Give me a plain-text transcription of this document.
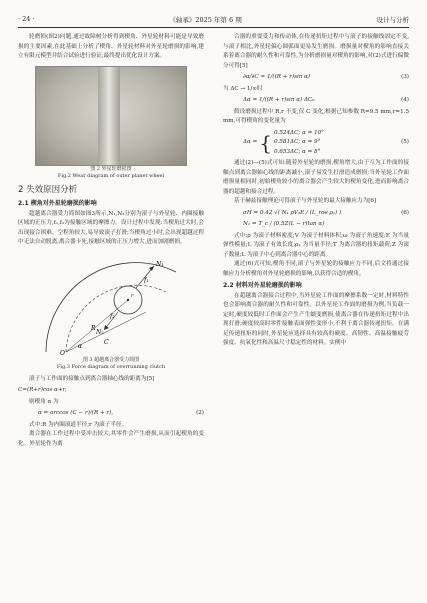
· 24 ·	《轴承》2025 年第 6 期	设计与分析

轮磨损(图2)问题,通过故障树分析得到楔角、外星轮材料可能是导致磨损的主要因素,在此基础上分析了楔角、外星轮材料对外星轮磨损的影响,建立有限元模型并结合试验进行验证,最终提出优化设计方案。

图 2 外星轮磨损图
Fig.2 Wear diagram of outer planet wheel
2 失效原因分析
2.1 楔角对外星轮磨损的影响

超越离合器受力简图如图3所示,N₁,N₂分别为滚子与外星轮、内圈接触区域的正压力,f₁,f₂为接触区域的摩擦力。设计过程中发现:当楔角过大时,会出现接合困难、空程角较大,易导致滚子打滑;当楔角过小时,会出现超越过程中无法自动脱离,离合器卡死,接触区域的正压力增大,进而加剧磨损。

N₁
N₂
f₁
f₂
R
r
C
α
O
图 3 超越离合器受力简图
Fig.3 Force diagram of overrunning clutch

滚子与工作面的接触点到离合器轴心线的距离为[5]

C=(R+r)cos α+r,

则楔角 α 为

α = arccos (C − r)/(R + r),	(2)

式中:R 为内圈滚道半径;r 为滚子半径。

离合器在工作过程中受冲击较大,其零件会产生磨损,从而引起楔角的变化。外星轮作为离

合器的重要受力和传动体,在传递扭矩过程中与滚子的接触线固定不变,与滚子相比,外星轮偏心圆弧面更易发生磨损。磨损量对楔角的影响直接关系着离合器的耐久性和可靠性,为分析磨损量对楔角的影响,对(2)式进行偏微分可得[5]

∂α/∂C = 1/((R + r)sin α)	(3)

当 ΔC → 1/∞时

Δα = 1/((R + r)sin α) ΔC₀	(4)

假设磨损过程中 R,r 不变,仅 C 变化,根据已知参数 R=9.5 mm,r=1.5 mm,可得楔角的变化量为

Δα = { 0.524ΔC; α = 10°
0.581ΔC; α = 9°
0.653ΔC; α = 8°
(5)

通过(2)—(5)式可知:随着外星轮的磨损,楔角增大,由于互为工作面的接触点到离合器轴心线的距离减小,滚子易发生打滑造成磨损;当外星轮工作面磨损量相同时,初始楔角较小的离合器会产生较大的楔角变化,进而影响离合器的超越和接合过程。

基于赫兹接触理论可得滚子与外星轮的最大接触应力为[6]

σH = 0.42 √( N₁ ρV₂E / (L_roe ρ₁) )	(6)
N₁ = T_c / (0.5Z(L − r)tan α)

式中:ρ 为滚子材料密度;V 为滚子材料体积;ω 为滚子角速度;E 为当量弹性模量;L 为滚子有效长度;ρ₁ 为当量半径;T 为离合器的扭矩载荷;Z 为滚子数量;L 为滚子中心到离合器中心的距离。

通过(6)式可知,楔角不同,滚子与外星轮的接触应力不同,后文将通过接触应力分析楔角对外星轮磨损的影响,以获得合适的楔角。

2.2 材料对外星轮磨损的影响

在超越离合器接合过程中,当外星轮工作面的摩擦系数一定时,材料特性也会影响离合器的耐久性和可靠性。以外星轮工作面的磨损为例,当负载一定时,硬度较低时工作面会产生产生蠕变磨损,使离合器在传递扭矩过程中出现打滑;硬度较高时零件接触表面弹性变形小,不利于离合器传递扭矩。在满足传递扭矩的同时,外星轮应选择具有较高的硬度、高韧性、高温接触疲劳强度、抗氧化性和高温尺寸稳定性的材料。实例中
